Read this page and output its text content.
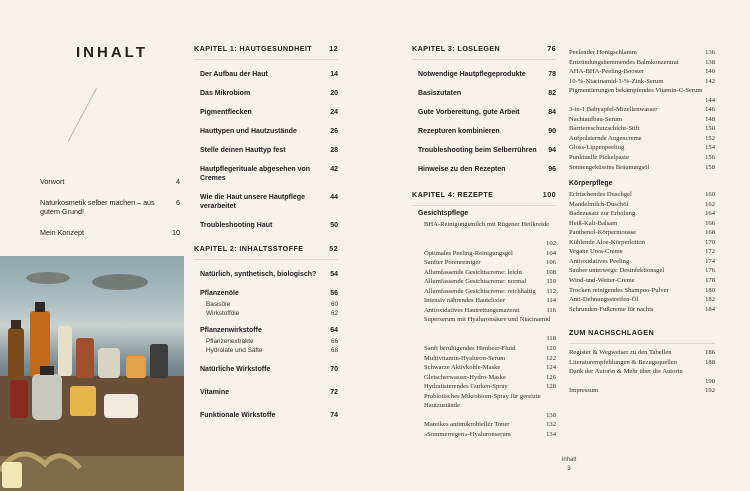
INHALT
Vorwort	4
Naturkosmetik selber machen – aus gutem Grund!
6
Mein Konzept	10
KAPITEL 1: HAUTGESUNDHEIT 12
Der Aufbau der Haut	14
Das Mikrobiom	20
Pigmentflecken	24
Hauttypen und Hautzustände	26
Stelle deinen Hauttyp fest	28
Hautpflegerituale abgesehen von Cremes
42
Wie die Haut unsere Hautpflege verarbeitet
44
Troubleshooting Haut	50
KAPITEL 2: INHALTSSTOFFE	52
Natürlich, synthetisch, biologisch?	54
Pflanzenöle	56
Basisöle	60
Wirkstofföle	62
Pflanzenwirkstoffe	64
Pflanzenextrakte	66
Hydrolate und Säfte	68
Natürliche Wirkstoffe	70
Vitamine	72
Funktionale Wirkstoffe	74
KAPITEL 3: LOSLEGEN	76
Notwendige Hautpflegeprodukte	78
Basiszutaten	82
Gute Vorbereitung, gute Arbeit	84
Rezepturen kombinieren	90
Troubleshooting beim Selberrühren	94
Hinweise zu den Rezepten	96
KAPITEL 4: REZEPTE	100
Gesichtspflege
BHA-Reinigungsmilch mit Rügener Heilkreide
102
Optimales Peeling-Reinigungsgel	104
Sanfter Porenreiniger	106
Allumfassende Gesichtscreme: leicht	108
Allumfassende Gesichtscreme: normal	110
Allumfassende Gesichtscreme: reichhaltig	112
Intensiv nährendes Hautelixier	114
Antioxidatives Hautrettungsmazerat	116
Superserum mit Hyaluronsäure und Niacinamid
118
Sanft beruhigendes Himbeer-Fluid	120
Multivitamin-Hyaluron-Serum	122
Schwarze Aktivkohle-Maske	124
Gletscherwasser-Hydro-Maske	126
Hydratisierendes Gurken-Spray	128
Probiotisches Mikrobiom-Spray für gereizte Hautzustände
130
Mareikes antimikrobieller Toner	132
»Sommerregen«-Hyaluronserum	134
Peelender Honigschlamm	136
Entzündungshemmendes Balmkonzentrat	138
AHA-BHA-Peeling-Booster	140
10-%-Niacinamid-1-%-Zink-Serum	142
Pigmentierungen bekämpfendes Vitamin-C-Serum
144
3-in-1 Babyapfel-Mizellenwasser	146
Nachtaufbau-Serum	148
Barriereschutzschicht-Stift	150
Aufpolsternde Augencreme	152
Gloss-Lippenpeeling	154
Punktuelle Pickelpaste	156
Sonnengeküsstes Bräunungsöl	158
Körperpflege
Erfrischendes Duschgel	160
Mandelmilch-Duschöl	162
Badezusatz zur Erholung	164
Heiß-Kalt-Balsam	166
Panthenol-Körpermousse	168
Kühlende Aloe-Körperlotion	170
Vegane Urea-Creme	172
Antioxidatives Peeling	174
Sauber unterwegs: Desinfektionsgel	176
Wind-und-Wetter-Creme	178
Trocken reinigendes Shampoo-Pulver	180
Anti-Dehnungsstreifen-Öl	182
Schrunden-Fußcreme für nachts	184
ZUM NACHSCHLAGEN
Register & Wegweiser zu den Tabellen	186
Literaturempfehlungen & Bezugsquellen	188
Dank der Autorin & Mehr über die Autorin
190
Impressum	192
Inhalt
3
